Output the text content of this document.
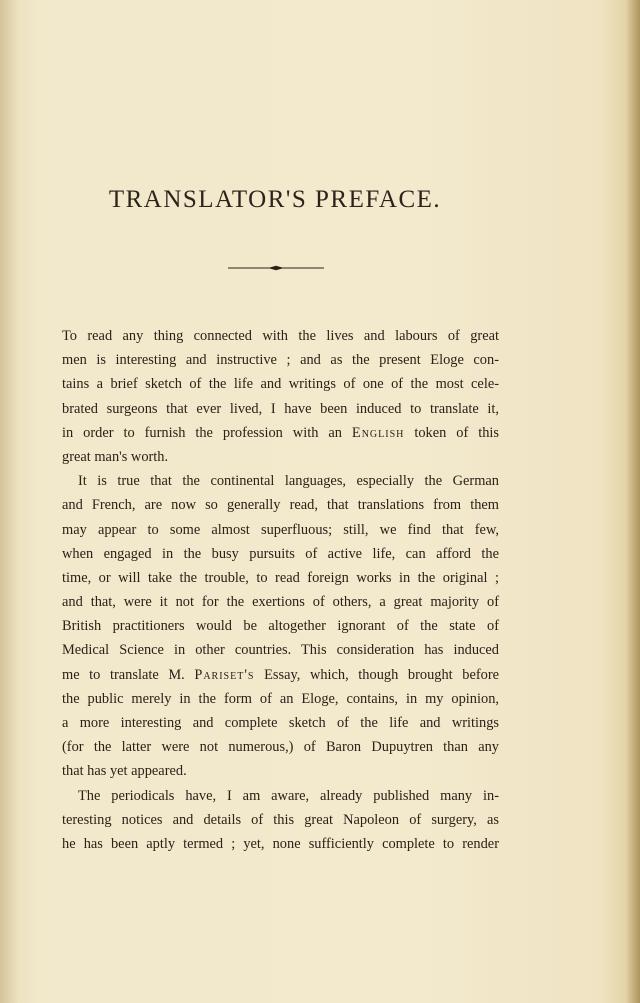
TRANSLATOR'S PREFACE.
To read any thing connected with the lives and labours of great
men is interesting and instructive ; and as the present Eloge con-
tains a brief sketch of the life and writings of one of the most cele-
brated surgeons that ever lived, I have been induced to translate it,
in order to furnish the profession with an English token of this
great man's worth.
It is true that the continental languages, especially the German
and French, are now so generally read, that translations from them
may appear to some almost superfluous; still, we find that few,
when engaged in the busy pursuits of active life, can afford the
time, or will take the trouble, to read foreign works in the original ;
and that, were it not for the exertions of others, a great majority of
British practitioners would be altogether ignorant of the state of
Medical Science in other countries. This consideration has induced
me to translate M. Pariset's Essay, which, though brought before
the public merely in the form of an Eloge, contains, in my opinion,
a more interesting and complete sketch of the life and writings
(for the latter were not numerous,) of Baron Dupuytren than any
that has yet appeared.
The periodicals have, I am aware, already published many in-
teresting notices and details of this great Napoleon of surgery, as
he has been aptly termed ; yet, none sufficiently complete to render
